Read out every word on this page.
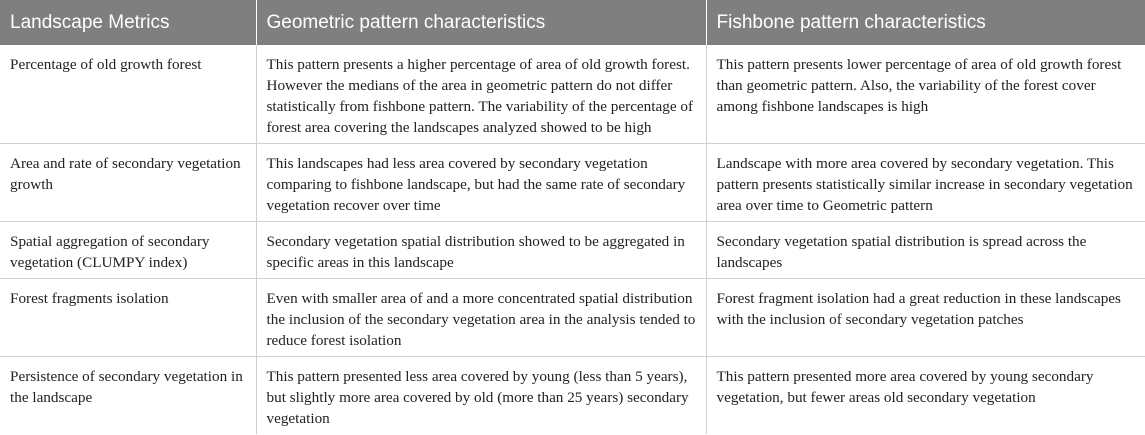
Landscape Metrics	Geometric pattern characteristics	Fishbone pattern characteristics
Percentage of old growth forest	This pattern presents a higher percentage of area of old growth forest. However the medians of the area in geometric pattern do not differ statistically from fishbone pattern. The variability of the percentage of forest area covering the landscapes analyzed showed to be high	This pattern presents lower percentage of area of old growth forest than geometric pattern. Also, the variability of the forest cover among fishbone landscapes is high
Area and rate of secondary vegetation growth	This landscapes had less area covered by secondary vegetation comparing to fishbone landscape, but had the same rate of secondary vegetation recover over time	Landscape with more area covered by secondary vegetation. This pattern presents statistically similar increase in secondary vegetation area over time to Geometric pattern
Spatial aggregation of secondary vegetation (CLUMPY index)	Secondary vegetation spatial distribution showed to be aggregated in specific areas in this landscape	Secondary vegetation spatial distribution is spread across the landscapes
Forest fragments isolation	Even with smaller area of and a more concentrated spatial distribution the inclusion of the secondary vegetation area in the analysis tended to reduce forest isolation	Forest fragment isolation had a great reduction in these landscapes with the inclusion of secondary vegetation patches
Persistence of secondary vegetation in the landscape	This pattern presented less area covered by young (less than 5 years), but slightly more area covered by old (more than 25 years) secondary vegetation	This pattern presented more area covered by young secondary vegetation, but fewer areas old secondary vegetation
